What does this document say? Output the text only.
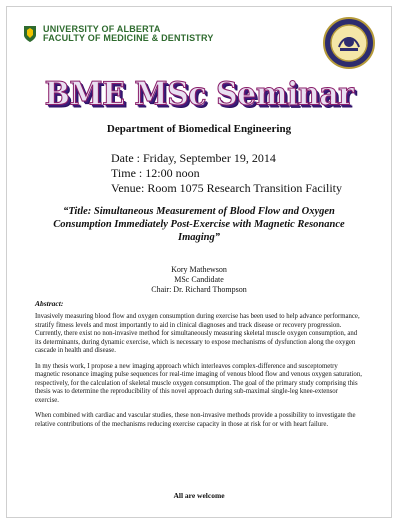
UNIVERSITY OF ALBERTA
FACULTY OF MEDICINE & DENTISTRY
BME MSc Seminar
Department of Biomedical Engineering
Date : Friday, September 19, 2014
Time : 12:00 noon
Venue: Room 1075 Research Transition Facility
“Title: Simultaneous Measurement of Blood Flow and Oxygen Consumption Immediately Post-Exercise with Magnetic Resonance Imaging”
Kory Mathewson
MSc Candidate
Chair: Dr. Richard Thompson
Abstract:

Invasively measuring blood flow and oxygen consumption during exercise has been used to help advance performance, stratify fitness levels and most importantly to aid in clinical diagnoses and track disease or recovery progression. Currently, there exist no non-invasive method for simultaneously measuring skeletal muscle oxygen consumption, and its determinants, during dynamic exercise, which is necessary to expose mechanisms of dysfunction along the oxygen cascade in health and disease.

In my thesis work, I propose a new imaging approach which interleaves complex-difference and susceptometry magnetic resonance imaging pulse sequences for real-time imaging of venous blood flow and venous oxygen saturation, respectively, for the calculation of skeletal muscle oxygen consumption. The goal of the primary study comprising this thesis was to determine the reproducibility of this novel approach during sub-maximal single-leg knee-extensor exercise.

When combined with cardiac and vascular studies, these non-invasive methods provide a possibility to investigate the relative contributions of the mechanisms reducing exercise capacity in those at risk for or with heart failure.

All are welcome
